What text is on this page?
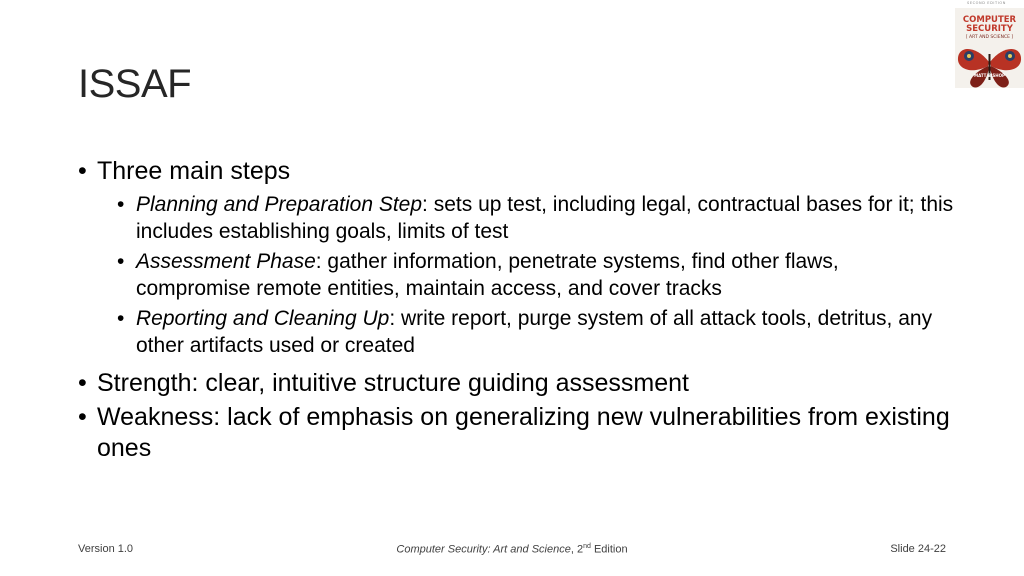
ISSAF
• Three main steps
• Planning and Preparation Step: sets up test, including legal, contractual bases for it; this includes establishing goals, limits of test
• Assessment Phase: gather information, penetrate systems, find other flaws, compromise remote entities, maintain access, and cover tracks
• Reporting and Cleaning Up: write report, purge system of all attack tools, detritus, any other artifacts used or created
• Strength: clear, intuitive structure guiding assessment
• Weakness: lack of emphasis on generalizing new vulnerabilities from existing ones
SECOND EDITION
COMPUTER
SECURITY
[ ART AND SCIENCE ]
MATT BISHOP
Version 1.0	Computer Security: Art and Science, 2nd Edition	Slide 24-22
